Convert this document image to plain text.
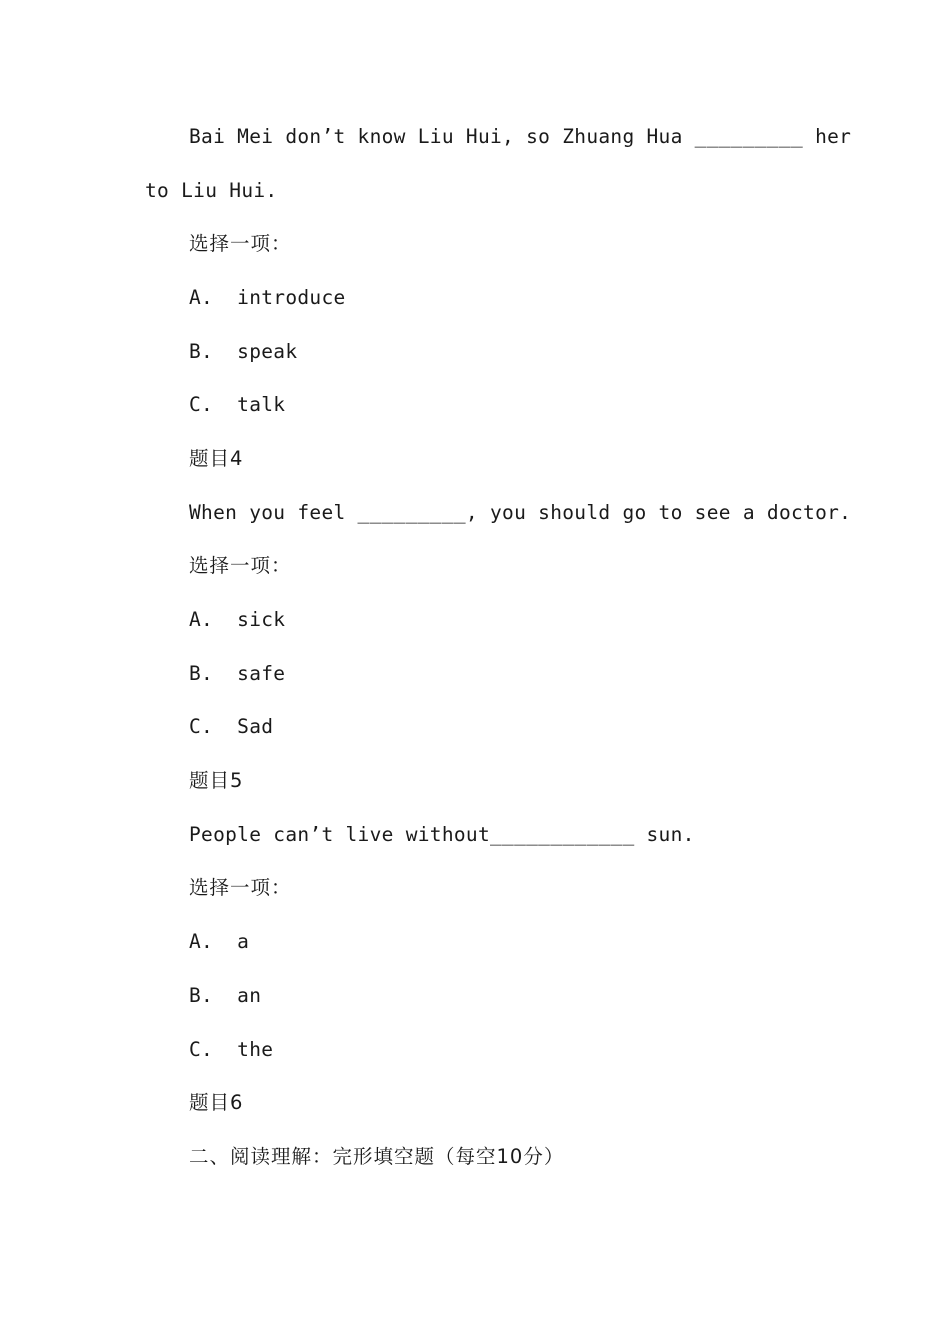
Bai Mei don’t know Liu Hui, so Zhuang Hua _________ her
to Liu Hui.
选择一项：
A.  introduce
B.  speak
C.  talk
题目4
When you feel _________, you should go to see a doctor.
选择一项：
A.  sick
B.  safe
C.  Sad
题目5
People can’t live without____________ sun.
选择一项：
A.  a
B.  an
C.  the
题目6
二、阅读理解：完形填空题（每空10分）
